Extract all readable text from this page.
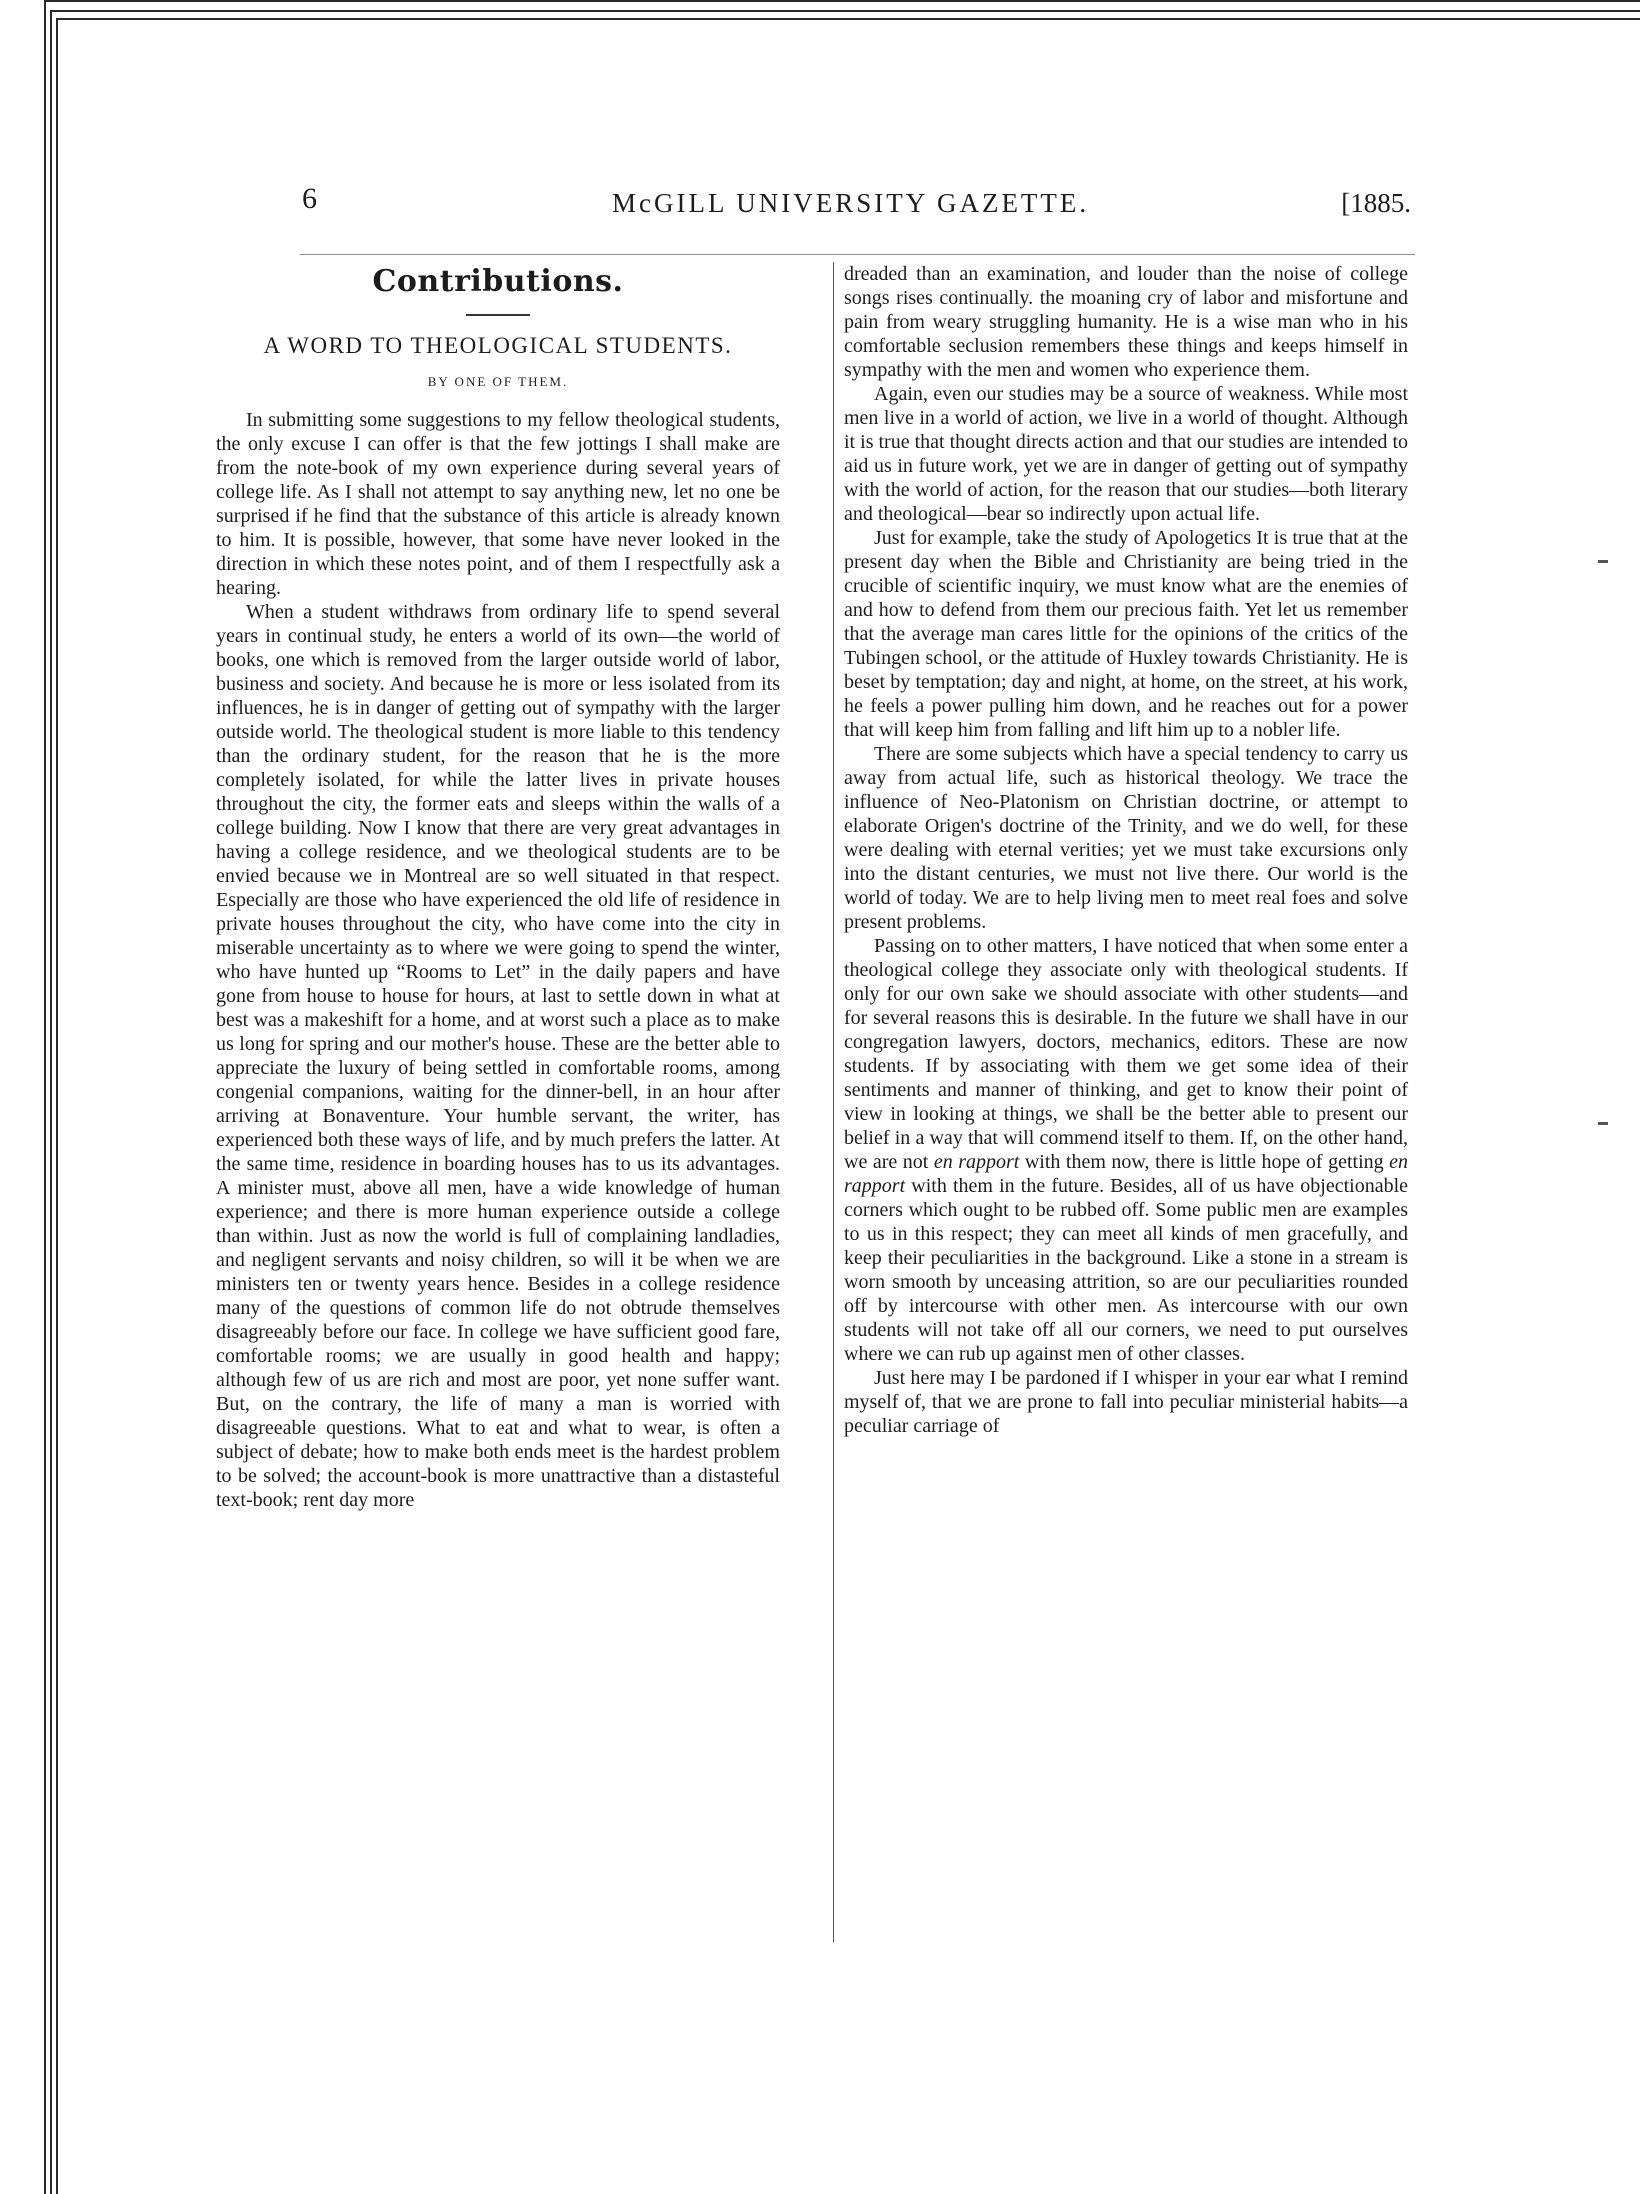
6	McGILL UNIVERSITY GAZETTE.	[1885.
Contributions.
A WORD TO THEOLOGICAL STUDENTS.
BY ONE OF THEM.

In submitting some suggestions to my fellow theological students, the only excuse I can offer is that the few jottings I shall make are from the note-book of my own experience during several years of college life. As I shall not attempt to say anything new, let no one be surprised if he find that the substance of this article is already known to him. It is possible, however, that some have never looked in the direction in which these notes point, and of them I respectfully ask a hearing.

When a student withdraws from ordinary life to spend several years in continual study, he enters a world of its own—the world of books, one which is removed from the larger outside world of labor, business and society. And because he is more or less isolated from its influences, he is in danger of getting out of sympathy with the larger outside world. The theological student is more liable to this tendency than the ordinary student, for the reason that he is the more completely isolated, for while the latter lives in private houses throughout the city, the former eats and sleeps within the walls of a college building. Now I know that there are very great advantages in having a college residence, and we theological students are to be envied because we in Montreal are so well situated in that respect. Especially are those who have experienced the old life of residence in private houses throughout the city, who have come into the city in miserable uncertainty as to where we were going to spend the winter, who have hunted up “Rooms to Let” in the daily papers and have gone from house to house for hours, at last to settle down in what at best was a makeshift for a home, and at worst such a place as to make us long for spring and our mother's house. These are the better able to appreciate the luxury of being settled in comfortable rooms, among congenial companions, waiting for the dinner-bell, in an hour after arriving at Bonaventure. Your humble servant, the writer, has experienced both these ways of life, and by much prefers the latter. At the same time, residence in boarding houses has to us its advantages. A minister must, above all men, have a wide knowledge of human experience; and there is more human experience outside a college than within. Just as now the world is full of complaining landladies, and negligent servants and noisy children, so will it be when we are ministers ten or twenty years hence. Besides in a college residence many of the questions of common life do not obtrude themselves disagreeably before our face. In college we have sufficient good fare, comfortable rooms; we are usually in good health and happy; although few of us are rich and most are poor, yet none suffer want. But, on the contrary, the life of many a man is worried with disagreeable questions. What to eat and what to wear, is often a subject of debate; how to make both ends meet is the hardest problem to be solved; the account-book is more unattractive than a distasteful text-book; rent day more

dreaded than an examination, and louder than the noise of college songs rises continually. the moaning cry of labor and misfortune and pain from weary struggling humanity. He is a wise man who in his comfortable seclusion remembers these things and keeps himself in sympathy with the men and women who experience them.

Again, even our studies may be a source of weakness. While most men live in a world of action, we live in a world of thought. Although it is true that thought directs action and that our studies are intended to aid us in future work, yet we are in danger of getting out of sympathy with the world of action, for the reason that our studies—both literary and theological—bear so indirectly upon actual life.

Just for example, take the study of Apologetics It is true that at the present day when the Bible and Christianity are being tried in the crucible of scientific inquiry, we must know what are the enemies of and how to defend from them our precious faith. Yet let us remember that the average man cares little for the opinions of the critics of the Tubingen school, or the attitude of Huxley towards Christianity. He is beset by temptation; day and night, at home, on the street, at his work, he feels a power pulling him down, and he reaches out for a power that will keep him from falling and lift him up to a nobler life.

There are some subjects which have a special tendency to carry us away from actual life, such as historical theology. We trace the influence of Neo-Platonism on Christian doctrine, or attempt to elaborate Origen's doctrine of the Trinity, and we do well, for these were dealing with eternal verities; yet we must take excursions only into the distant centuries, we must not live there. Our world is the world of today. We are to help living men to meet real foes and solve present problems.

Passing on to other matters, I have noticed that when some enter a theological college they associate only with theological students. If only for our own sake we should associate with other students—and for several reasons this is desirable. In the future we shall have in our congregation lawyers, doctors, mechanics, editors. These are now students. If by associating with them we get some idea of their sentiments and manner of thinking, and get to know their point of view in looking at things, we shall be the better able to present our belief in a way that will commend itself to them. If, on the other hand, we are not en rapport with them now, there is little hope of getting en rapport with them in the future. Besides, all of us have objectionable corners which ought to be rubbed off. Some public men are examples to us in this respect; they can meet all kinds of men gracefully, and keep their peculiarities in the background. Like a stone in a stream is worn smooth by unceasing attrition, so are our peculiarities rounded off by intercourse with other men. As intercourse with our own students will not take off all our corners, we need to put ourselves where we can rub up against men of other classes.

Just here may I be pardoned if I whisper in your ear what I remind myself of, that we are prone to fall into peculiar ministerial habits—a peculiar carriage of
